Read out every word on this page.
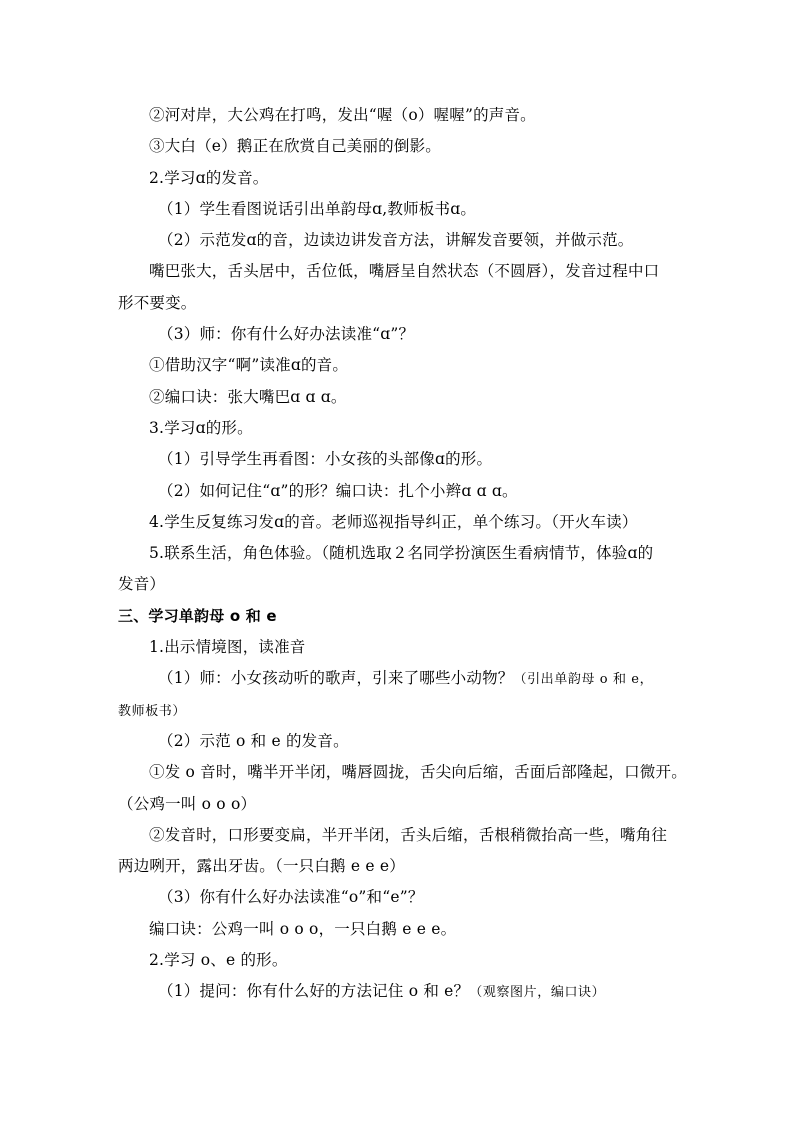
②河对岸，大公鸡在打鸣，发出“喔（o）喔喔”的声音。
③大白（e）鹅正在欣赏自己美丽的倒影。
2.学习ɑ的发音。
（1）学生看图说话引出单韵母ɑ,教师板书ɑ。
（2）示范发ɑ的音，边读边讲发音方法，讲解发音要领，并做示范。
嘴巴张大，舌头居中，舌位低，嘴唇呈自然状态（不圆唇），发音过程中口
形不要变。
（3）师：你有什么好办法读准“ɑ”？
①借助汉字“啊”读准ɑ的音。
②编口诀：张大嘴巴ɑ ɑ ɑ。
3.学习ɑ的形。
（1）引导学生再看图：小女孩的头部像ɑ的形。
（2）如何记住“ɑ”的形？编口诀：扎个小辫ɑ ɑ ɑ。
4.学生反复练习发ɑ的音。老师巡视指导纠正，单个练习。（开火车读）
5.联系生活，角色体验。（随机选取２名同学扮演医生看病情节，体验ɑ的
发音）
三、学习单韵母 o 和 e
1.出示情境图，读准音
（1）师：小女孩动听的歌声，引来了哪些小动物？（引出单韵母 o 和 e，
教师板书）
（2）示范 o 和 e 的发音。
①发 o 音时，嘴半开半闭，嘴唇圆拢，舌尖向后缩，舌面后部隆起，口微开。
（公鸡一叫 o o o）
②发音时，口形要变扁，半开半闭，舌头后缩，舌根稍微抬高一些，嘴角往
两边咧开，露出牙齿。（一只白鹅 e e e）
（3）你有什么好办法读准“o”和“e”？
编口诀：公鸡一叫 o o o，一只白鹅 e e e。
2.学习 o、e 的形。
（1）提问：你有什么好的方法记住 o 和 e？（观察图片，编口诀）
